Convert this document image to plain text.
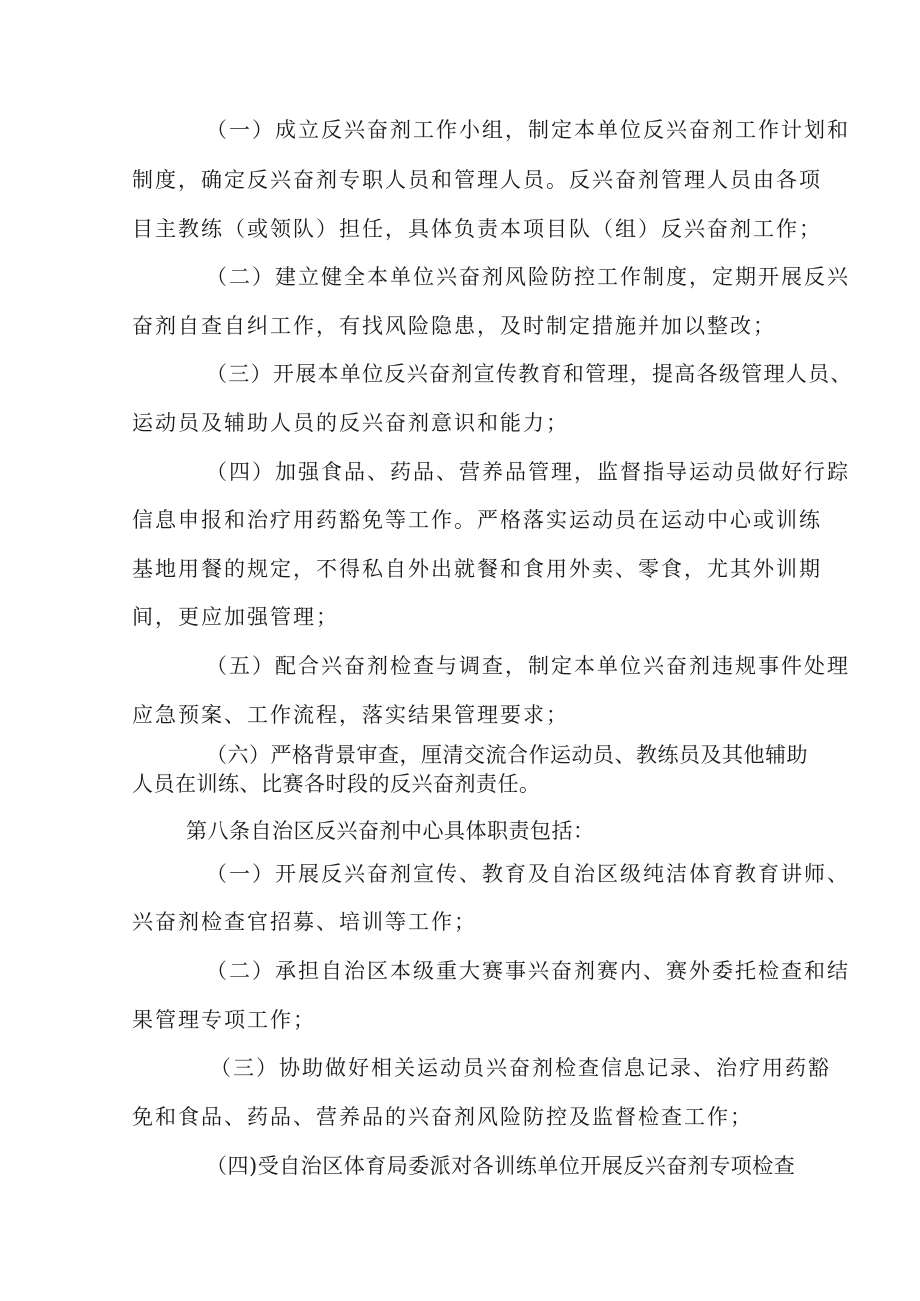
（一）成立反兴奋剂工作小组，制定本单位反兴奋剂工作计划和
制度，确定反兴奋剂专职人员和管理人员。反兴奋剂管理人员由各项
目主教练（或领队）担任，具体负责本项目队（组）反兴奋剂工作；
（二）建立健全本单位兴奋剂风险防控工作制度，定期开展反兴
奋剂自查自纠工作，有找风险隐患，及时制定措施并加以整改；
（三）开展本单位反兴奋剂宣传教育和管理，提高各级管理人员、
运动员及辅助人员的反兴奋剂意识和能力；
（四）加强食品、药品、营养品管理，监督指导运动员做好行踪
信息申报和治疗用药豁免等工作。严格落实运动员在运动中心或训练
基地用餐的规定，不得私自外出就餐和食用外卖、零食，尤其外训期
间，更应加强管理；
（五）配合兴奋剂检查与调查，制定本单位兴奋剂违规事件处理
应急预案、工作流程，落实结果管理要求；
（六）严格背景审查，厘清交流合作运动员、教练员及其他辅助
人员在训练、比赛各时段的反兴奋剂责任。
第八条自治区反兴奋剂中心具体职责包括：
（一）开展反兴奋剂宣传、教育及自治区级纯洁体育教育讲师、
兴奋剂检查官招募、培训等工作；
（二）承担自治区本级重大赛事兴奋剂赛内、赛外委托检查和结
果管理专项工作；
（三）协助做好相关运动员兴奋剂检查信息记录、治疗用药豁
免和食品、药品、营养品的兴奋剂风险防控及监督检查工作；
（四)受自治区体育局委派对各训练单位开展反兴奋剂专项检查
